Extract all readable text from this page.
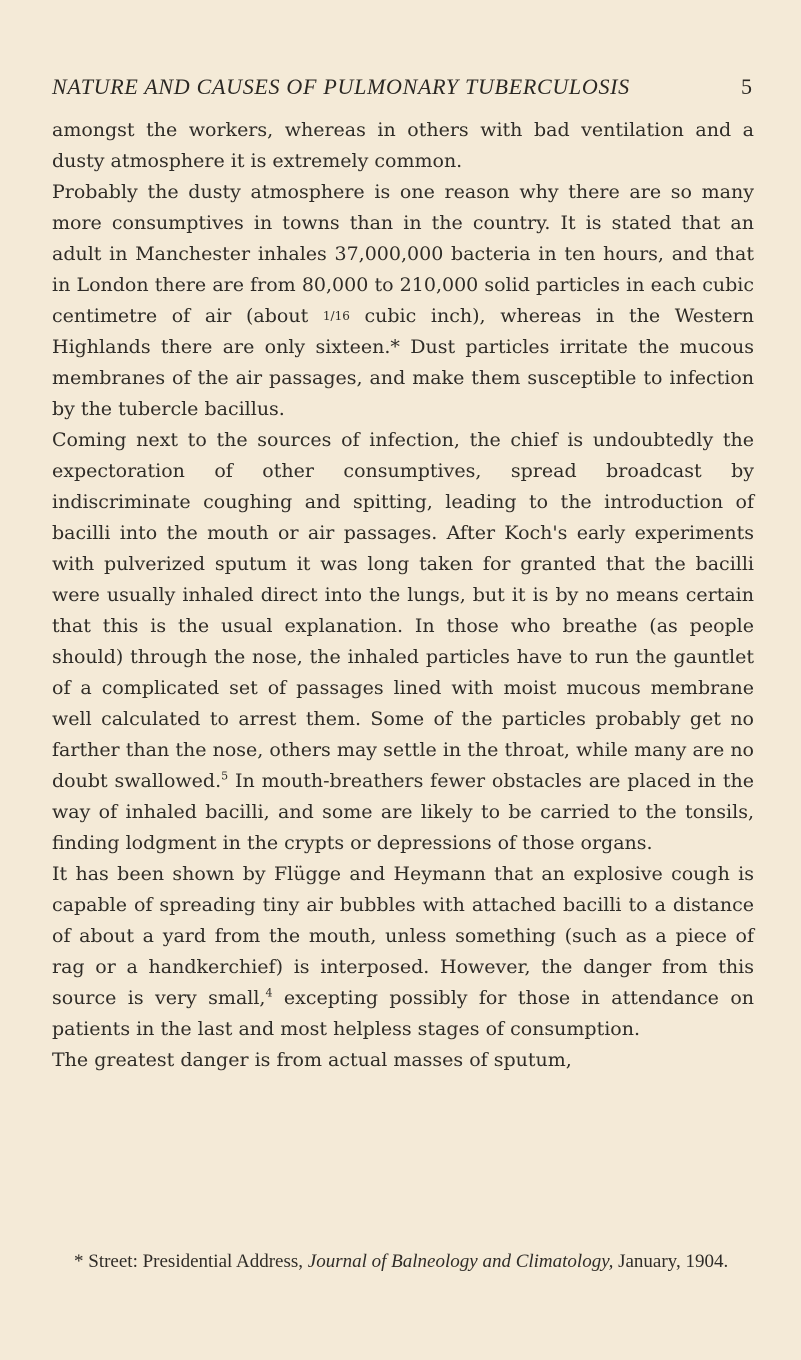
NATURE AND CAUSES OF PULMONARY TUBERCULOSIS	5

amongst the workers, whereas in others with bad ventilation and a dusty atmosphere it is extremely common.

Probably the dusty atmosphere is one reason why there are so many more consumptives in towns than in the country. It is stated that an adult in Manchester inhales 37,000,000 bacteria in ten hours, and that in London there are from 80,000 to 210,000 solid particles in each cubic centimetre of air (about 1/16 cubic inch), whereas in the Western Highlands there are only sixteen.* Dust particles irritate the mucous membranes of the air passages, and make them susceptible to infection by the tubercle bacillus.

Coming next to the sources of infection, the chief is undoubtedly the expectoration of other consumptives, spread broadcast by indiscriminate coughing and spitting, leading to the introduction of bacilli into the mouth or air passages. After Koch's early experiments with pulverized sputum it was long taken for granted that the bacilli were usually inhaled direct into the lungs, but it is by no means certain that this is the usual explanation. In those who breathe (as people should) through the nose, the inhaled particles have to run the gauntlet of a complicated set of passages lined with moist mucous membrane well calculated to arrest them. Some of the particles probably get no farther than the nose, others may settle in the throat, while many are no doubt swallowed.$^5$ In mouth-breathers fewer obstacles are placed in the way of inhaled bacilli, and some are likely to be carried to the tonsils, finding lodgment in the crypts or depressions of those organs.

It has been shown by Flügge and Heymann that an explosive cough is capable of spreading tiny air bubbles with attached bacilli to a distance of about a yard from the mouth, unless something (such as a piece of rag or a handkerchief) is interposed. However, the danger from this source is very small,$^4$ excepting possibly for those in attendance on patients in the last and most helpless stages of consumption.

The greatest danger is from actual masses of sputum,

* Street: Presidential Address, Journal of Balneology and Climatology, January, 1904.
